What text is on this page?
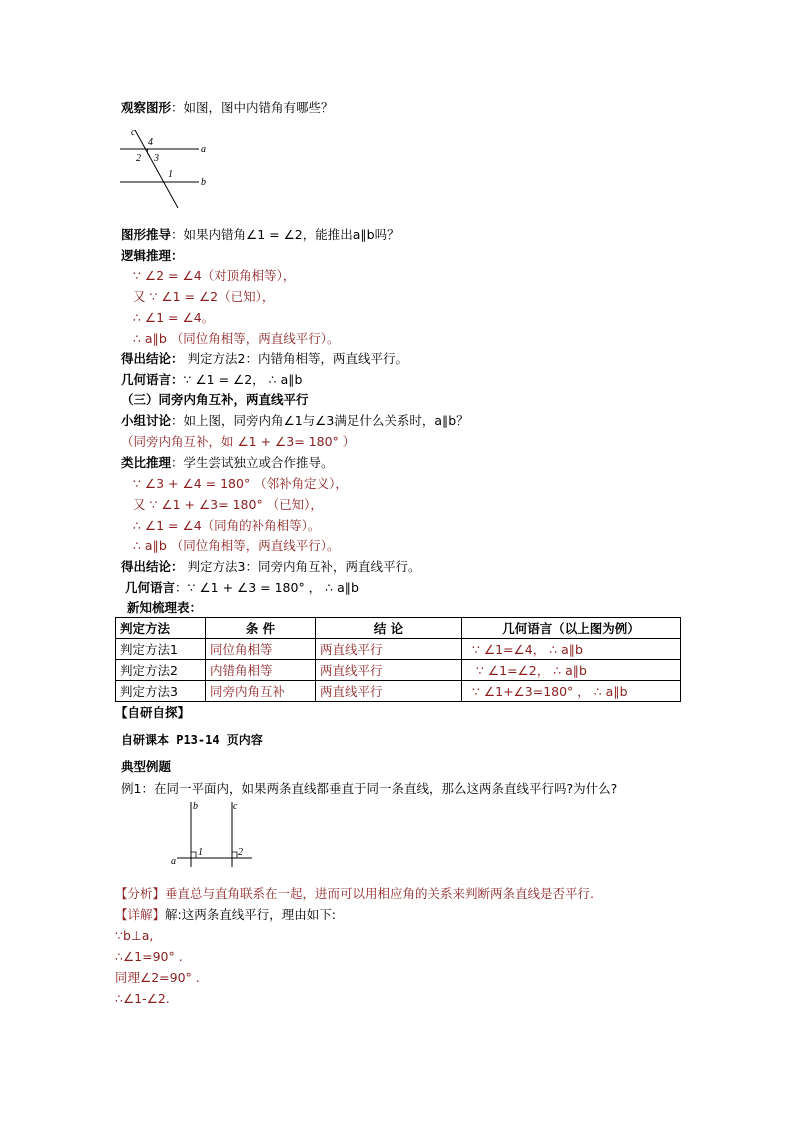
观察图形：如图，图中内错角有哪些？
c
4
2 3
1
a
b
图形推导：如果内错角∠1 = ∠2，能推出a∥b吗？
逻辑推理：
∵ ∠2 = ∠4（对顶角相等），
又 ∵ ∠1 = ∠2（已知），
∴ ∠1 = ∠4。
∴ a∥b （同位角相等，两直线平行）。
得出结论： 判定方法2：内错角相等，两直线平行。
几何语言：∵ ∠1 = ∠2， ∴ a∥b
（三）同旁内角互补，两直线平行
小组讨论：如上图，同旁内角∠1与∠3满足什么关系时，a∥b？
（同旁内角互补，如 ∠1 + ∠3= 180° ）
类比推理：学生尝试独立或合作推导。
∵ ∠3 + ∠4 = 180° （邻补角定义），
又 ∵ ∠1 + ∠3= 180° （已知），
∴ ∠1 = ∠4（同角的补角相等）。
∴ a∥b （同位角相等，两直线平行）。
得出结论： 判定方法3：同旁内角互补，两直线平行。
几何语言：∵ ∠1 + ∠3 = 180° ， ∴ a∥b
新知梳理表：
判定方法	条 件	结 论	几何语言（以上图为例）
判定方法1	同位角相等	两直线平行	∵ ∠1=∠4， ∴ a∥b
判定方法2	内错角相等	两直线平行	∵ ∠1=∠2， ∴ a∥b
判定方法3	同旁内角互补	两直线平行	∵ ∠1+∠3=180° ， ∴ a∥b
【自研自探】
自研课本 P13-14 页内容
典型例题
例1：在同一平面内，如果两条直线都垂直于同一条直线，那么这两条直线平行吗?为什么?
b	c
a
1	2
【分析】垂直总与直角联系在一起，进而可以用相应角的关系来判断两条直线是否平行.
【详解】解:这两条直线平行，理由如下:
∵b⊥a,
∴∠1=90° .
同理∠2=90° .
∴∠1-∠2.
